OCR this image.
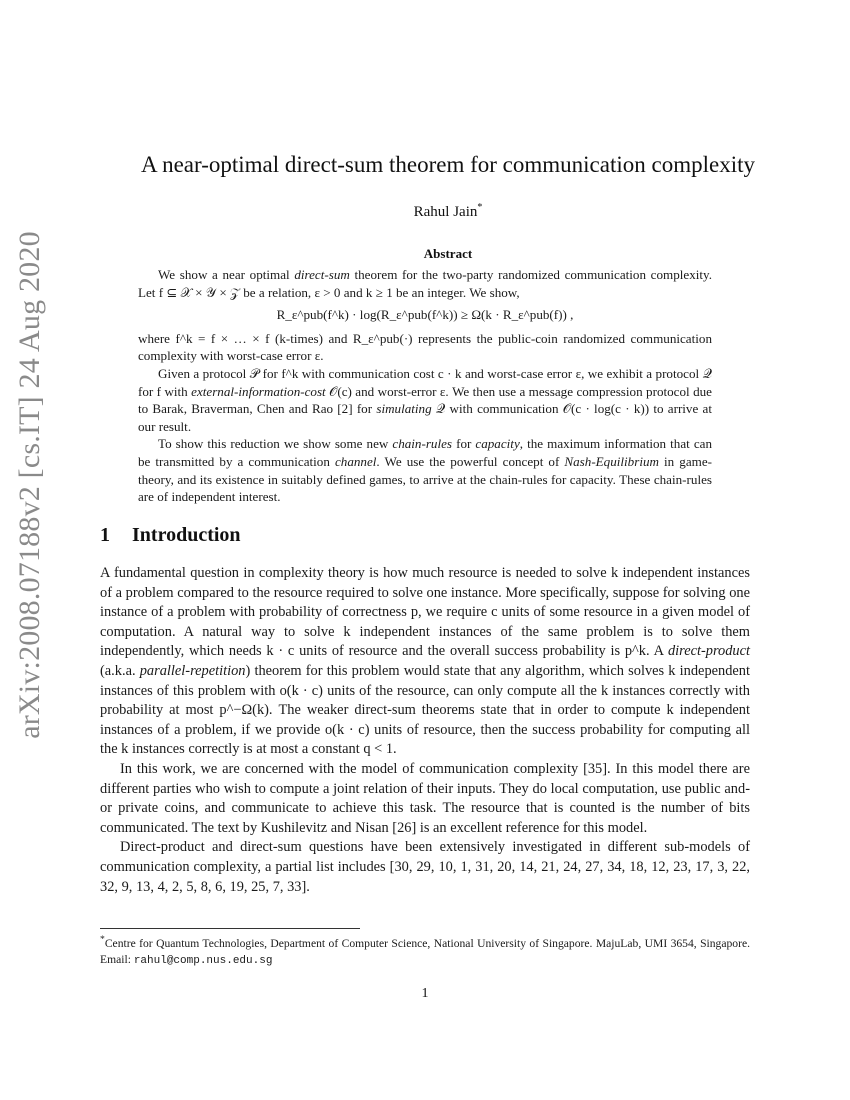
arXiv:2008.07188v2 [cs.IT] 24 Aug 2020
A near-optimal direct-sum theorem for communication complexity
Rahul Jain*
Abstract

We show a near optimal direct-sum theorem for the two-party randomized communication complexity. Let f ⊆ 𝒳 × 𝒴 × 𝒵 be a relation, ε > 0 and k ≥ 1 be an integer. We show,

R_ε^pub(f^k) · log(R_ε^pub(f^k)) ≥ Ω(k · R_ε^pub(f)) ,

where f^k = f × … × f (k-times) and R_ε^pub(·) represents the public-coin randomized communication complexity with worst-case error ε.

Given a protocol 𝒫 for f^k with communication cost c · k and worst-case error ε, we exhibit a protocol 𝒬 for f with external-information-cost 𝒪(c) and worst-error ε. We then use a message compression protocol due to Barak, Braverman, Chen and Rao [2] for simulating 𝒬 with communication 𝒪(c · log(c · k)) to arrive at our result.

To show this reduction we show some new chain-rules for capacity, the maximum information that can be transmitted by a communication channel. We use the powerful concept of Nash-Equilibrium in game-theory, and its existence in suitably defined games, to arrive at the chain-rules for capacity. These chain-rules are of independent interest.

1 Introduction

A fundamental question in complexity theory is how much resource is needed to solve k independent instances of a problem compared to the resource required to solve one instance. More specifically, suppose for solving one instance of a problem with probability of correctness p, we require c units of some resource in a given model of computation. A natural way to solve k independent instances of the same problem is to solve them independently, which needs k · c units of resource and the overall success probability is p^k. A direct-product (a.k.a. parallel-repetition) theorem for this problem would state that any algorithm, which solves k independent instances of this problem with o(k · c) units of the resource, can only compute all the k instances correctly with probability at most p^−Ω(k). The weaker direct-sum theorems state that in order to compute k independent instances of a problem, if we provide o(k · c) units of resource, then the success probability for computing all the k instances correctly is at most a constant q < 1.

In this work, we are concerned with the model of communication complexity [35]. In this model there are different parties who wish to compute a joint relation of their inputs. They do local computation, use public and-or private coins, and communicate to achieve this task. The resource that is counted is the number of bits communicated. The text by Kushilevitz and Nisan [26] is an excellent reference for this model.

Direct-product and direct-sum questions have been extensively investigated in different sub-models of communication complexity, a partial list includes [30, 29, 10, 1, 31, 20, 14, 21, 24, 27, 34, 18, 12, 23, 17, 3, 22, 32, 9, 13, 4, 2, 5, 8, 6, 19, 25, 7, 33].

*Centre for Quantum Technologies, Department of Computer Science, National University of Singapore. MajuLab, UMI 3654, Singapore. Email: rahul@comp.nus.edu.sg
1
